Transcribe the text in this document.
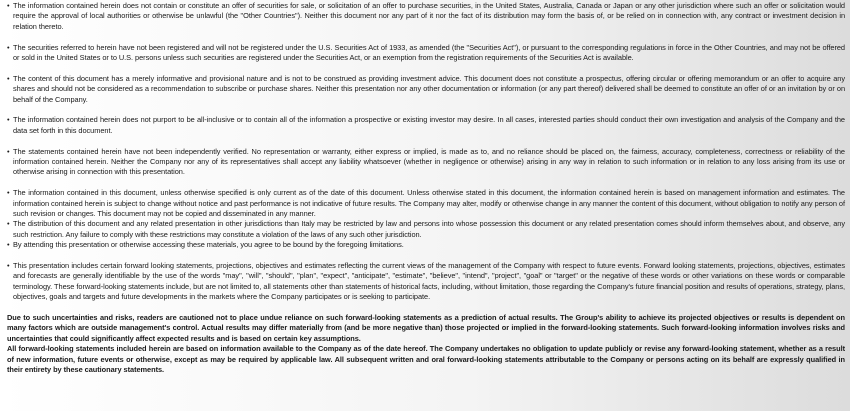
• The information contained herein does not contain or constitute an offer of securities for sale, or solicitation of an offer to purchase securities, in the United States, Australia, Canada or Japan or any other jurisdiction where such an offer or solicitation would require the approval of local authorities or otherwise be unlawful (the "Other Countries"). Neither this document nor any part of it nor the fact of its distribution may form the basis of, or be relied on in connection with, any contract or investment decision in relation thereto.

• The securities referred to herein have not been registered and will not be registered under the U.S. Securities Act of 1933, as amended (the "Securities Act"), or pursuant to the corresponding regulations in force in the Other Countries, and may not be offered or sold in the United States or to U.S. persons unless such securities are registered under the Securities Act, or an exemption from the registration requirements of the Securities Act is available.

• The content of this document has a merely informative and provisional nature and is not to be construed as providing investment advice. This document does not constitute a prospectus, offering circular or offering memorandum or an offer to acquire any shares and should not be considered as a recommendation to subscribe or purchase shares. Neither this presentation nor any other documentation or information (or any part thereof) delivered shall be deemed to constitute an offer of or an invitation by or on behalf of the Company.

• The information contained herein does not purport to be all-inclusive or to contain all of the information a prospective or existing investor may desire. In all cases, interested parties should conduct their own investigation and analysis of the Company and the data set forth in this document.

• The statements contained herein have not been independently verified. No representation or warranty, either express or implied, is made as to, and no reliance should be placed on, the fairness, accuracy, completeness, correctness or reliability of the information contained herein. Neither the Company nor any of its representatives shall accept any liability whatsoever (whether in negligence or otherwise) arising in any way in relation to such information or in relation to any loss arising from its use or otherwise arising in connection with this presentation.

• The information contained in this document, unless otherwise specified is only current as of the date of this document. Unless otherwise stated in this document, the information contained herein is based on management information and estimates. The information contained herein is subject to change without notice and past performance is not indicative of future results. The Company may alter, modify or otherwise change in any manner the content of this document, without obligation to notify any person of such revision or changes. This document may not be copied and disseminated in any manner.

• The distribution of this document and any related presentation in other jurisdictions than Italy may be restricted by law and persons into whose possession this document or any related presentation comes should inform themselves about, and observe, any such restriction. Any failure to comply with these restrictions may constitute a violation of the laws of any such other jurisdiction.

• By attending this presentation or otherwise accessing these materials, you agree to be bound by the foregoing limitations.

• This presentation includes certain forward looking statements, projections, objectives and estimates reflecting the current views of the management of the Company with respect to future events. Forward looking statements, projections, objectives, estimates and forecasts are generally identifiable by the use of the words "may", "will", "should", "plan", "expect", "anticipate", "estimate", "believe", "intend", "project", "goal" or "target" or the negative of these words or other variations on these words or comparable terminology. These forward-looking statements include, but are not limited to, all statements other than statements of historical facts, including, without limitation, those regarding the Company's future financial position and results of operations, strategy, plans, objectives, goals and targets and future developments in the markets where the Company participates or is seeking to participate.

Due to such uncertainties and risks, readers are cautioned not to place undue reliance on such forward-looking statements as a prediction of actual results. The Group's ability to achieve its projected objectives or results is dependent on many factors which are outside management's control. Actual results may differ materially from (and be more negative than) those projected or implied in the forward-looking statements. Such forward-looking information involves risks and uncertainties that could significantly affect expected results and is based on certain key assumptions.

All forward-looking statements included herein are based on information available to the Company as of the date hereof. The Company undertakes no obligation to update publicly or revise any forward-looking statement, whether as a result of new information, future events or otherwise, except as may be required by applicable law. All subsequent written and oral forward-looking statements attributable to the Company or persons acting on its behalf are expressly qualified in their entirety by these cautionary statements.
